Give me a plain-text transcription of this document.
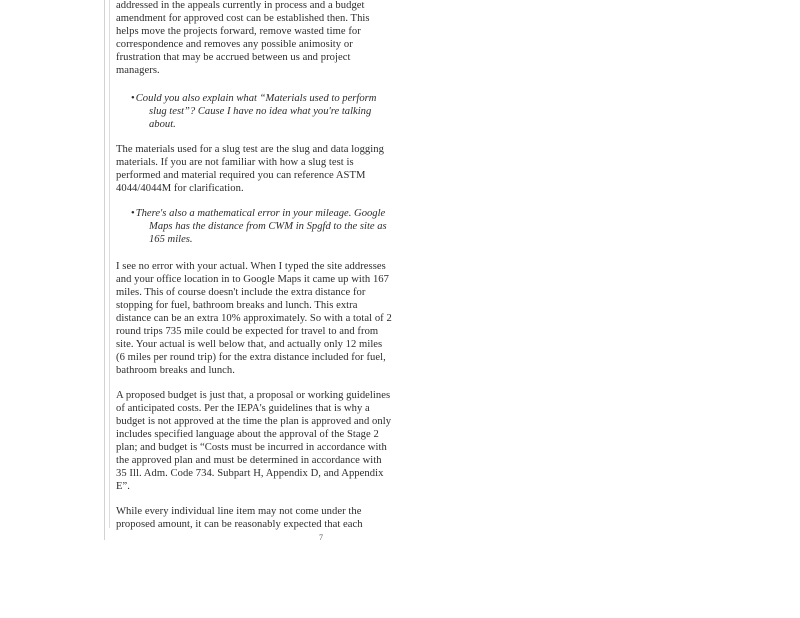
addressed in the appeals currently in process and a budget
amendment for approved cost can be established then. This
helps move the projects forward, remove wasted time for
correspondence and removes any possible animosity or
frustration that may be accrued between us and project
managers.

•Could you also explain what “Materials used to perform
slug test”? Cause I have no idea what you're talking
about.

The materials used for a slug test are the slug and data logging
materials. If you are not familiar with how a slug test is
performed and material required you can reference ASTM
4044/4044M for clarification.

•There's also a mathematical error in your mileage. Google
Maps has the distance from CWM in Spgfd to the site as
165 miles.

I see no error with your actual. When I typed the site addresses
and your office location in to Google Maps it came up with 167
miles. This of course doesn't include the extra distance for
stopping for fuel, bathroom breaks and lunch. This extra
distance can be an extra 10% approximately. So with a total of 2
round trips 735 mile could be expected for travel to and from
site. Your actual is well below that, and actually only 12 miles
(6 miles per round trip) for the extra distance included for fuel,
bathroom breaks and lunch.

A proposed budget is just that, a proposal or working guidelines
of anticipated costs. Per the IEPA's guidelines that is why a
budget is not approved at the time the plan is approved and only
includes specified language about the approval of the Stage 2
plan; and budget is “Costs must be incurred in accordance with
the approved plan and must be determined in accordance with
35 Ill. Adm. Code 734. Subpart H, Appendix D, and Appendix
E”.

While every individual line item may not come under the
proposed amount, it can be reasonably expected that each

7
